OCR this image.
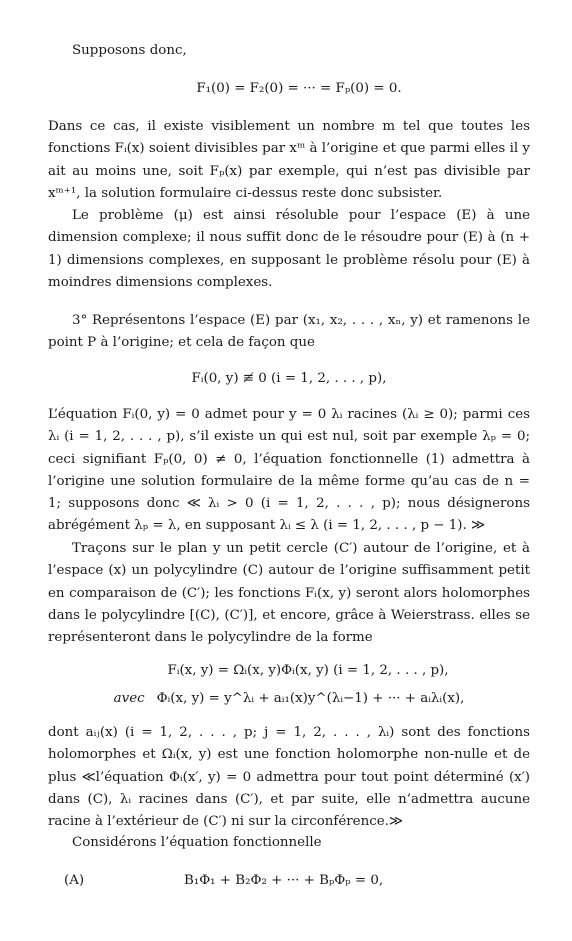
Supposons donc,

F₁(0) = F₂(0) = ··· = Fₚ(0) = 0.

Dans ce cas, il existe visiblement un nombre m tel que toutes les fonctions Fᵢ(x) soient divisibles par xᵐ à l’origine et que parmi elles il y ait au moins une, soit Fₚ(x) par exemple, qui n’est pas divisible par xᵐ⁺¹, la solution formulaire ci-dessus reste donc subsister.

Le problème (μ) est ainsi résoluble pour l’espace (E) à une dimension complexe; il nous suffit donc de le résoudre pour (E) à (n + 1) dimensions complexes, en supposant le problème résolu pour (E) à moindres dimensions complexes.

3° Représentons l’espace (E) par (x₁, x₂, . . . , xₙ, y) et ramenons le point P à l’origine; et cela de façon que

Fᵢ(0, y) ≢ 0 (i = 1, 2, . . . , p),

L’équation Fᵢ(0, y) = 0 admet pour y = 0 λᵢ racines (λᵢ ≥ 0); parmi ces λᵢ (i = 1, 2, . . . , p), s’il existe un qui est nul, soit par exemple λₚ = 0; ceci signifiant Fₚ(0, 0) ≠ 0, l’équation fonctionnelle (1) admettra à l’origine une solution formulaire de la même forme qu’au cas de n = 1; supposons donc ≪ λᵢ > 0 (i = 1, 2, . . . , p); nous désignerons abrégément λₚ = λ, en supposant λᵢ ≤ λ (i = 1, 2, . . . , p − 1). ≫

Traçons sur le plan y un petit cercle (C′) autour de l’origine, et à l’espace (x) un polycylindre (C) autour de l’origine suffisamment petit en comparaison de (C′); les fonctions Fᵢ(x, y) seront alors holomorphes dans le polycylindre [(C), (C′)], et encore, grâce à Weierstrass. elles se représenteront dans le polycylindre de la forme

Fᵢ(x, y) = Ωᵢ(x, y)Φᵢ(x, y) (i = 1, 2, . . . , p),

avec Φᵢ(x, y) = y^λᵢ + aᵢ₁(x)y^(λᵢ−1) + ··· + aᵢλᵢ(x),

dont aᵢⱼ(x) (i = 1, 2, . . . , p; j = 1, 2, . . . , λᵢ) sont des fonctions holomorphes et Ωᵢ(x, y) est une fonction holomorphe non-nulle et de plus ≪l’équation Φᵢ(x′, y) = 0 admettra pour tout point déterminé (x′) dans (C), λᵢ racines dans (C′), et par suite, elle n’admettra aucune racine à l’extérieur de (C′) ni sur la circonférence.≫

Considérons l’équation fonctionnelle

(A)	B₁Φ₁ + B₂Φ₂ + ··· + BₚΦₚ = 0,
